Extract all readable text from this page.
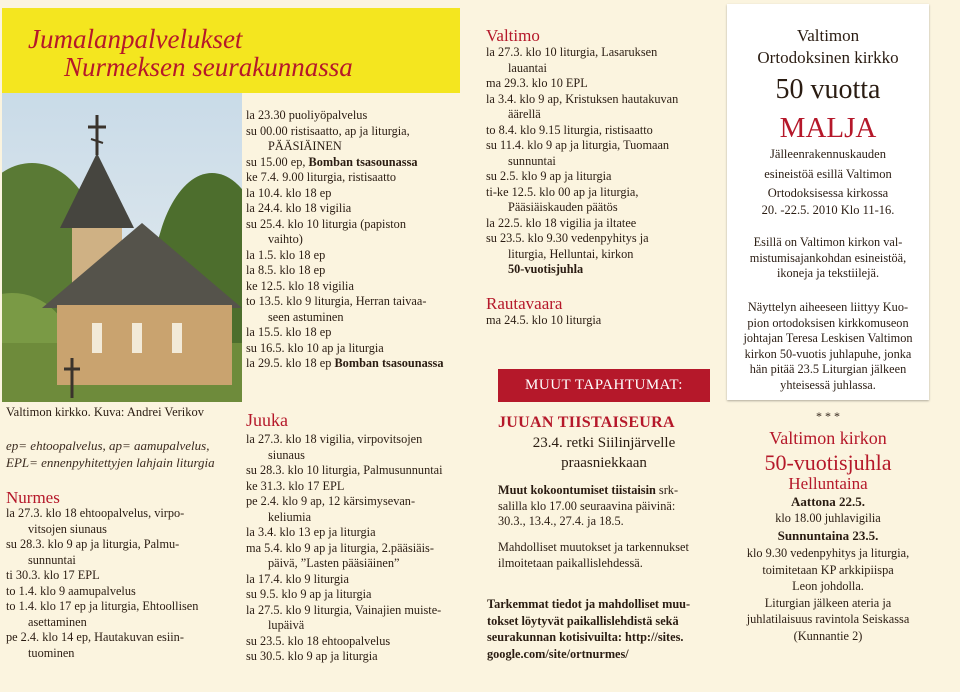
Jumalanpalvelukset
Nurmeksen seurakunnassa
Valtimon kirkko. Kuva: Andrei Verikov
ep= ehtoopalvelus, ap= aamupalvelus,
EPL= ennenpyhitettyjen lahjain liturgia
Nurmes
la 27.3. klo 18 ehtoopalvelus, virpo-
vitsojen siunaus
su 28.3. klo 9 ap ja liturgia, Palmu-
sunnuntai
ti 30.3. klo 17 EPL
to 1.4. klo 9 aamupalvelus
to 1.4. klo 17 ep ja liturgia, Ehtoollisen
asettaminen
pe 2.4. klo 14 ep, Hautakuvan esiin-
tuominen
la 23.30 puoliyöpalvelus
su 00.00 ristisaatto, ap ja liturgia,
PÄÄSIÄINEN
su 15.00 ep, Bomban tsasounassa
ke 7.4. 9.00 liturgia, ristisaatto
la 10.4. klo 18 ep
la 24.4. klo 18 vigilia
su 25.4. klo 10 liturgia (papiston
vaihto)
la 1.5. klo 18 ep
la 8.5. klo 18 ep
ke 12.5. klo 18 vigilia
to 13.5. klo 9 liturgia, Herran taivaa-
seen astuminen
la 15.5. klo 18 ep
su 16.5. klo 10 ap ja liturgia
la 29.5. klo 18 ep Bomban tsasounassa
Juuka
la 27.3. klo 18 vigilia, virpovitsojen
siunaus
su 28.3. klo 10 liturgia, Palmusunnuntai
ke 31.3. klo 17 EPL
pe 2.4. klo 9 ap, 12 kärsimysevan-
keliumia
la 3.4. klo 13 ep ja liturgia
ma 5.4. klo 9 ap ja liturgia, 2.pääsiäis-
päivä, ”Lasten pääsiäinen”
la 17.4. klo 9 liturgia
su 9.5. klo 9 ap ja liturgia
la 27.5. klo 9 liturgia, Vainajien muiste-
lupäivä
su 23.5. klo 18 ehtoopalvelus
su 30.5. klo 9 ap ja liturgia
Valtimo
la 27.3. klo 10 liturgia, Lasaruksen
lauantai
ma 29.3. klo 10 EPL
la 3.4. klo 9 ap, Kristuksen hautakuvan
äärellä
to 8.4. klo 9.15 liturgia, ristisaatto
su 11.4. klo 9 ap ja liturgia, Tuomaan
sunnuntai
su 2.5. klo 9 ap ja liturgia
ti-ke 12.5. klo 00 ap ja liturgia,
Pääsiäiskauden päätös
la 22.5. klo 18 vigilia ja iltatee
su 23.5. klo 9.30 vedenpyhitys ja
liturgia, Helluntai, kirkon
50-vuotisjuhla
Rautavaara
ma 24.5. klo 10 liturgia
MUUT TAPAHTUMAT:
JUUAN TIISTAISEURA
23.4. retki Siilinjärvelle
praasniekkaan
Muut kokoontumiset tiistaisin srk-
salilla klo 17.00 seuraavina päivinä:
30.3., 13.4., 27.4. ja 18.5.
Mahdolliset muutokset ja tarkennukset
ilmoitetaan paikallislehdessä.
Tarkemmat tiedot ja mahdolliset muu-
tokset löytyvät paikallislehdistä sekä
seurakunnan kotisivuilta: http://sites.
google.com/site/ortnurmes/
Valtimon
Ortodoksinen kirkko
50 vuotta
MALJA
Jälleenrakennuskauden
esineistöä esillä Valtimon
Ortodoksisessa kirkossa
20. -22.5. 2010 Klo 11-16.
Esillä on Valtimon kirkon val-
mistumisajankohdan esineistöä,
ikoneja ja tekstiilejä.
Näyttelyn aiheeseen liittyy Kuo-
pion ortodoksisen kirkkomuseon
johtajan Teresa Leskisen Valtimon
kirkon 50-vuotis juhlapuhe, jonka
hän pitää 23.5 Liturgian jälkeen
yhteisessä juhlassa.
* * *
Valtimon kirkon
50-vuotisjuhla
Helluntaina
Aattona 22.5.
klo 18.00 juhlavigilia
Sunnuntaina 23.5.
klo 9.30 vedenpyhitys ja liturgia,
toimitetaan KP arkkipiispa
Leon johdolla.
Liturgian jälkeen ateria ja
juhlatilaisuus ravintola Seiskassa
(Kunnantie 2)
